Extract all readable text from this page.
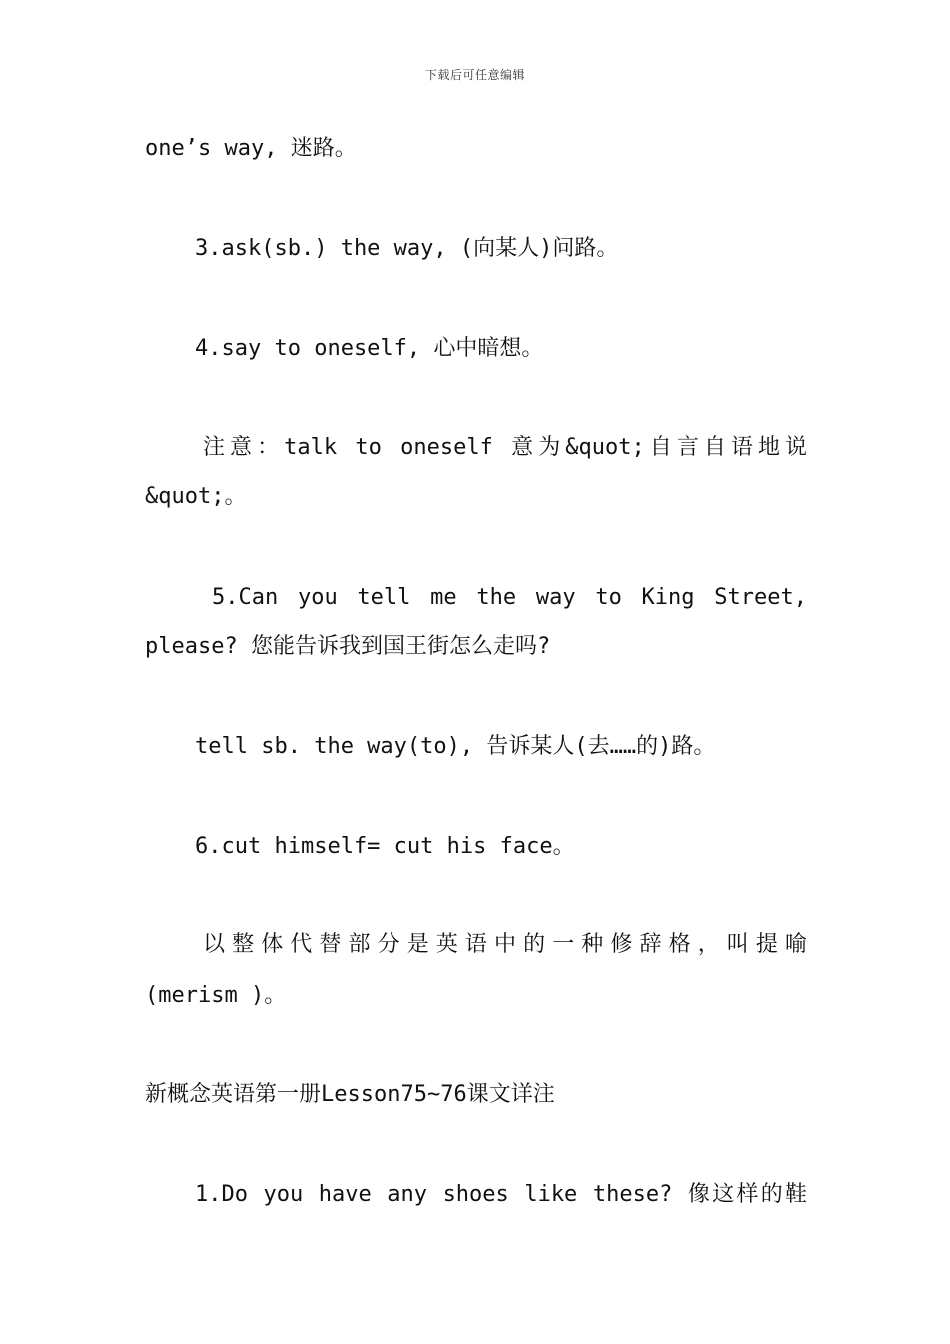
下载后可任意编辑
one’s way, 迷路。
3.ask(sb.) the way, (向某人)问路。
4.say to oneself, 心中暗想。
注意：talk to oneself 意为&quot;自言自语地说
&quot;。
5.Can you tell me the way to King Street,
please? 您能告诉我到国王街怎么走吗?
tell sb. the way(to), 告诉某人(去……的)路。
6.cut himself= cut his face。
以整体代替部分是英语中的一种修辞格，叫提喻
(merism )。
新概念英语第一册Lesson75~76课文详注
1.Do you have any shoes like these? 像这样的鞋
